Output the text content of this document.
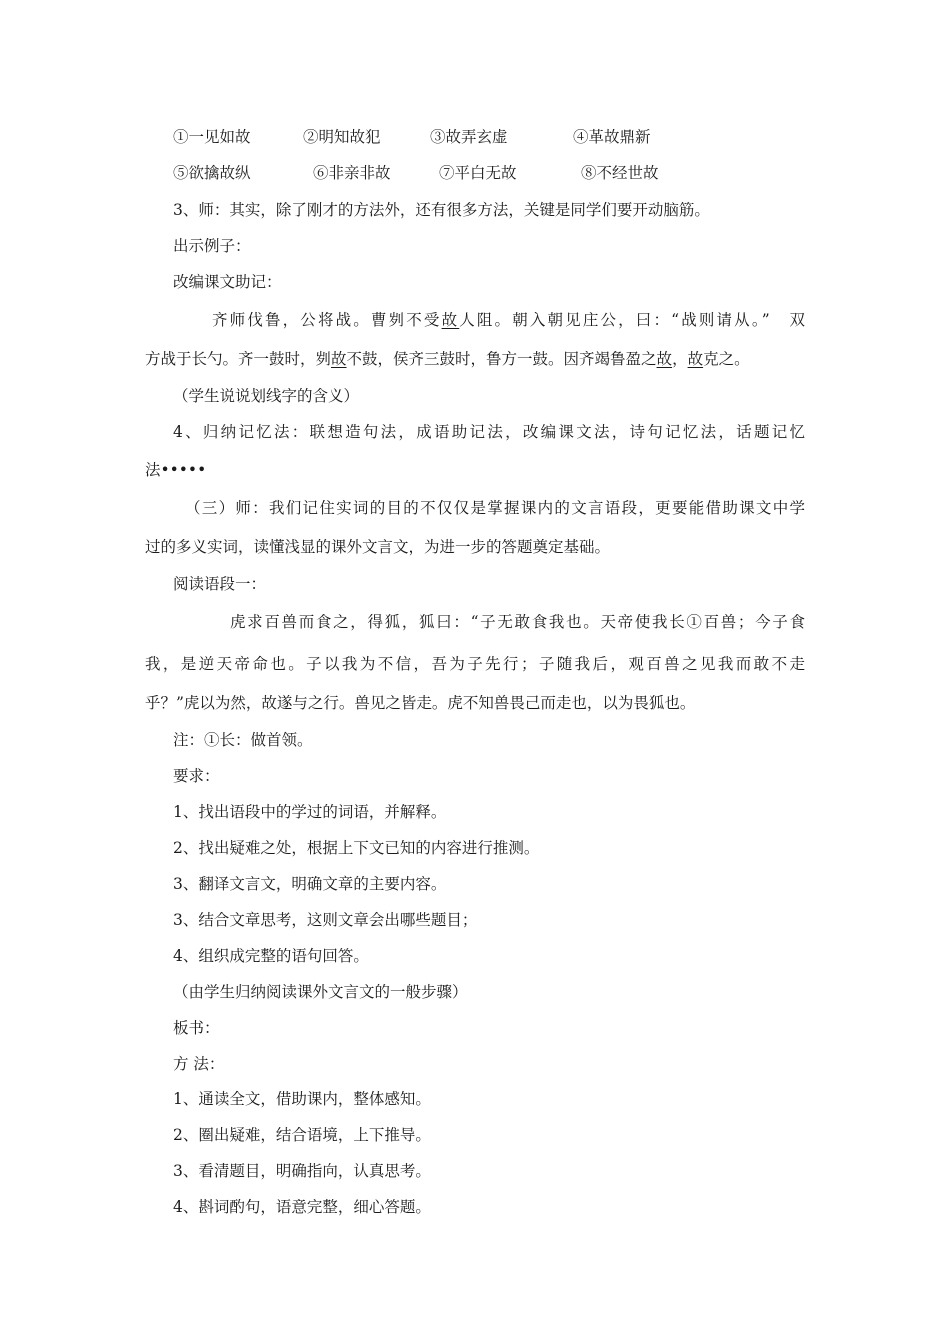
①一见如故	②明知故犯	③故弄玄虚	④革故鼎新
⑤欲擒故纵	⑥非亲非故	⑦平白无故	⑧不经世故
3、师：其实，除了刚才的方法外，还有很多方法，关键是同学们要开动脑筋。
出示例子：
改编课文助记：
齐师伐鲁，公将战。曹刿不受故人阻。朝入朝见庄公，曰：“战则请从。”　双
方战于长勺。齐一鼓时，刿故不鼓，侯齐三鼓时，鲁方一鼓。因齐竭鲁盈之故，故克之。
（学生说说划线字的含义）
4、归纳记忆法：联想造句法，成语助记法，改编课文法，诗句记忆法，话题记忆
法•••••
（三）师：我们记住实词的目的不仅仅是掌握课内的文言语段，更要能借助课文中学
过的多义实词，读懂浅显的课外文言文，为进一步的答题奠定基础。
阅读语段一：
虎求百兽而食之，得狐，狐曰：“子无敢食我也。天帝使我长①百兽；今子食
我，是逆天帝命也。子以我为不信，吾为子先行；子随我后，观百兽之见我而敢不走
乎？”虎以为然，故遂与之行。兽见之皆走。虎不知兽畏己而走也，以为畏狐也。
注：①长：做首领。
要求：
1、找出语段中的学过的词语，并解释。
2、找出疑难之处，根据上下文已知的内容进行推测。
3、翻译文言文，明确文章的主要内容。
3、结合文章思考，这则文章会出哪些题目；
4、组织成完整的语句回答。
（由学生归纳阅读课外文言文的一般步骤）
板书：
方 法：
1、通读全文，借助课内，整体感知。
2、圈出疑难，结合语境，上下推导。
3、看清题目，明确指向，认真思考。
4、斟词酌句，语意完整，细心答题。
